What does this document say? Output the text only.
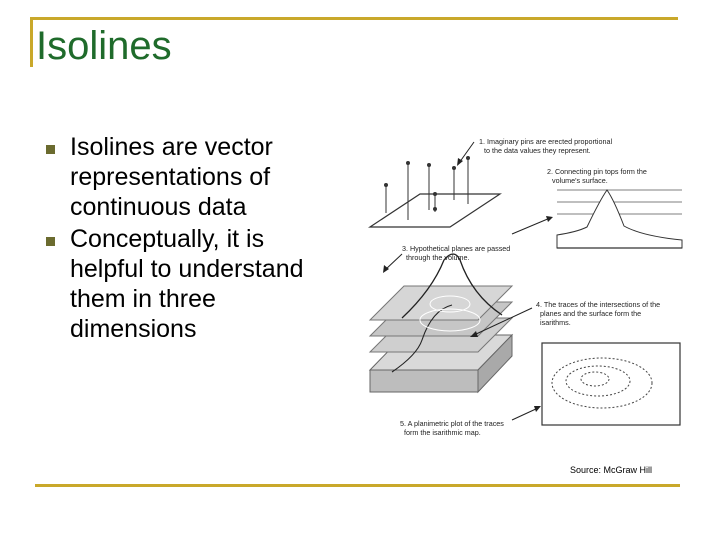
Isolines
Isolines are vector representations of continuous data
Conceptually, it is helpful to understand them in three dimensions
1. Imaginary pins are erected proportional
to the data values they represent.
2. Connecting pin tops form the
volume's surface.
3. Hypothetical planes are passed
through the volume.
4. The traces of the intersections of the
planes and the surface form the
isarithms.
5. A planimetric plot of the traces
form the isarithmic map.
Source: McGraw Hill
